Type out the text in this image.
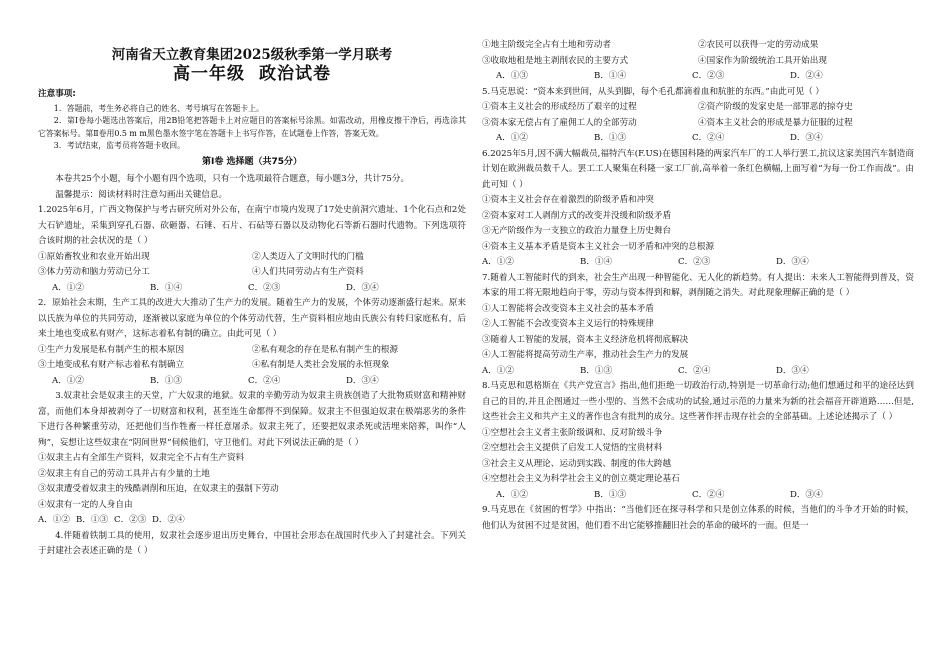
河南省天立教育集团2025级秋季第一学月联考
高一年级 政治试卷
注意事项:

1．答题前，考生务必将自己的姓名、考号填写在答题卡上。

2．第Ⅰ卷每小题选出答案后，用2B铅笔把答题卡上对应题目的答案标号涂黑。如需改动，用橡皮擦干净后，再选涂其它答案标号。第Ⅱ卷用0.5 m m黑色墨水签字笔在答题卡上书写作答，在试题卷上作答，答案无效。

3．考试结束，监考员将答题卡收回。

第Ⅰ卷 选择题（共75分）

本卷共25个小题，每个小题有四个选项，只有一个选项最符合题意，每小题3分，共计75分。

温馨提示：阅读材料时注意勾画出关键信息。

1.2025年6月，广西文物保护与考古研究所对外公布，在南宁市境内发现了17处史前洞穴遗址、1个化石点和2处大石铲遗址，采集到穿孔石器、砍砸器、石锤、石片、石砧等石器以及动物化石等新石器时代遗物。下列选项符合该时期的社会状况的是（ ）

①原始畜牧业和农业开始出现	②人类迈入了文明时代的门槛
③体力劳动和脑力劳动已分工	④人们共同劳动占有生产资料
A．①②	B．①④	C．②③	D．③④

2．原始社会末期，生产工具的改进大大推动了生产力的发展。随着生产力的发展，个体劳动逐渐盛行起来。原来以氏族为单位的共同劳动，逐渐被以家庭为单位的个体劳动代替，生产资料相应地由氏族公有转归家庭私有，后来土地也变成私有财产，这标志着私有制的确立。由此可见（ ）

①生产力发展是私有制产生的根本原因	②私有观念的存在是私有制产生的根源
③土地变成私有财产标志着私有制确立	④私有制是人类社会发展的永恒现象
A．①②	B．①③	C．②④	D．③④

3.奴隶社会是奴隶主的天堂，广大奴隶的地狱。奴隶的辛勤劳动为奴隶主贵族创造了大批物质财富和精神财富，而他们本身却被剥夺了一切财富和权利，甚至连生命都得不到保障。奴隶主不但强迫奴隶在极端恶劣的条件下进行各种繁重劳动，还把他们当作牲畜一样任意屠杀。奴隶主死了，还要把奴隶杀死或活埋来陪葬，叫作“人殉”，妄想让这些奴隶在“阴间世界”伺候他们，守卫他们。对此下列说法正确的是（ ）

①奴隶主占有全部生产资料，奴隶完全不占有生产资料
②奴隶主有自己的劳动工具并占有少量的土地
③奴隶遭受着奴隶主的残酷剥削和压迫，在奴隶主的强制下劳动
④奴隶有一定的人身自由
A．①② B．①③ C．②③ D．②④

4.伴随着铁制工具的使用，奴隶社会逐步退出历史舞台，中国社会形态在战国时代步入了封建社会。下列关于封建社会表述正确的是（ ）

①地主阶级完全占有土地和劳动者	②农民可以获得一定的劳动成果
③收取地租是地主剥削农民的主要方式	④国家作为阶级统治工具开始出现
A．①③	B．①④	C．②③	D．②④

5.马克思说：“资本来到世间，从头到脚，每个毛孔都滴着血和肮脏的东西。”由此可见（ ）

①资本主义社会的形成经历了艰辛的过程	②资产阶级的发家史是一部罪恶的掠夺史
③资本家无偿占有了雇佣工人的全部劳动	④资本主义社会的形成是暴力征服的过程
A．①②	B．①③	C．②④	D．③④

6.2025年5月,因不满大幅裁员,福特汽车(F.US)在德国科隆的两家汽车厂的工人举行罢工,抗议这家美国汽车制造商计划在欧洲裁员数千人。罢工工人聚集在科隆一家工厂前,高举着一条红色横幅,上面写着“为每一份工作而战”。由此可知（ ）

①资本主义社会存在着激烈的阶级矛盾和冲突
②资本家对工人剥削方式的改变并没缓和阶级矛盾
③无产阶级作为一支独立的政治力量登上历史舞台
④资本主义基本矛盾是资本主义社会一切矛盾和冲突的总根源
A．①②	B．①④	C．②③	D．③④

7.随着人工智能时代的到来，社会生产出现一种智能化、无人化的新趋势。有人提出：未来人工智能得到普及，资本家的用工将无限地趋向于零，劳动与资本得到和解，剥削随之消失。对此现象理解正确的是（ ）

①人工智能将会改变资本主义社会的基本矛盾
②人工智能不会改变资本主义运行的特殊规律
③随着人工智能的发展，资本主义经济危机将彻底解决
④人工智能将提高劳动生产率，推动社会生产力的发展
A．①②	B．①③	C．②④	D．③④

8.马克思和恩格斯在《共产党宣言》指出,他们拒绝一切政治行动,特别是一切革命行动;他们想通过和平的途径达到自己的目的,并且企图通过一些小型的、当然不会成功的试验,通过示范的力量来为新的社会福音开辟道路……但是,这些社会主义和共产主义的著作也含有批判的成分。这些著作抨击现存社会的全部基础。上述论述揭示了（ ）

①空想社会主义者主张阶级调和、反对阶级斗争
②空想社会主义提供了启发工人觉悟的宝贵材料
③社会主义从理论、运动到实践、制度的伟大跨越
④空想社会主义为科学社会主义的创立奠定理论基石
A．①②	B．①③	C．②④	D．③④

9.马克思在《贫困的哲学》中指出：“当他们还在探寻科学和只是创立体系的时候，当他们的斗争才开始的时候，他们认为贫困不过是贫困，他们看不出它能够推翻旧社会的革命的破坏的一面。但是一
